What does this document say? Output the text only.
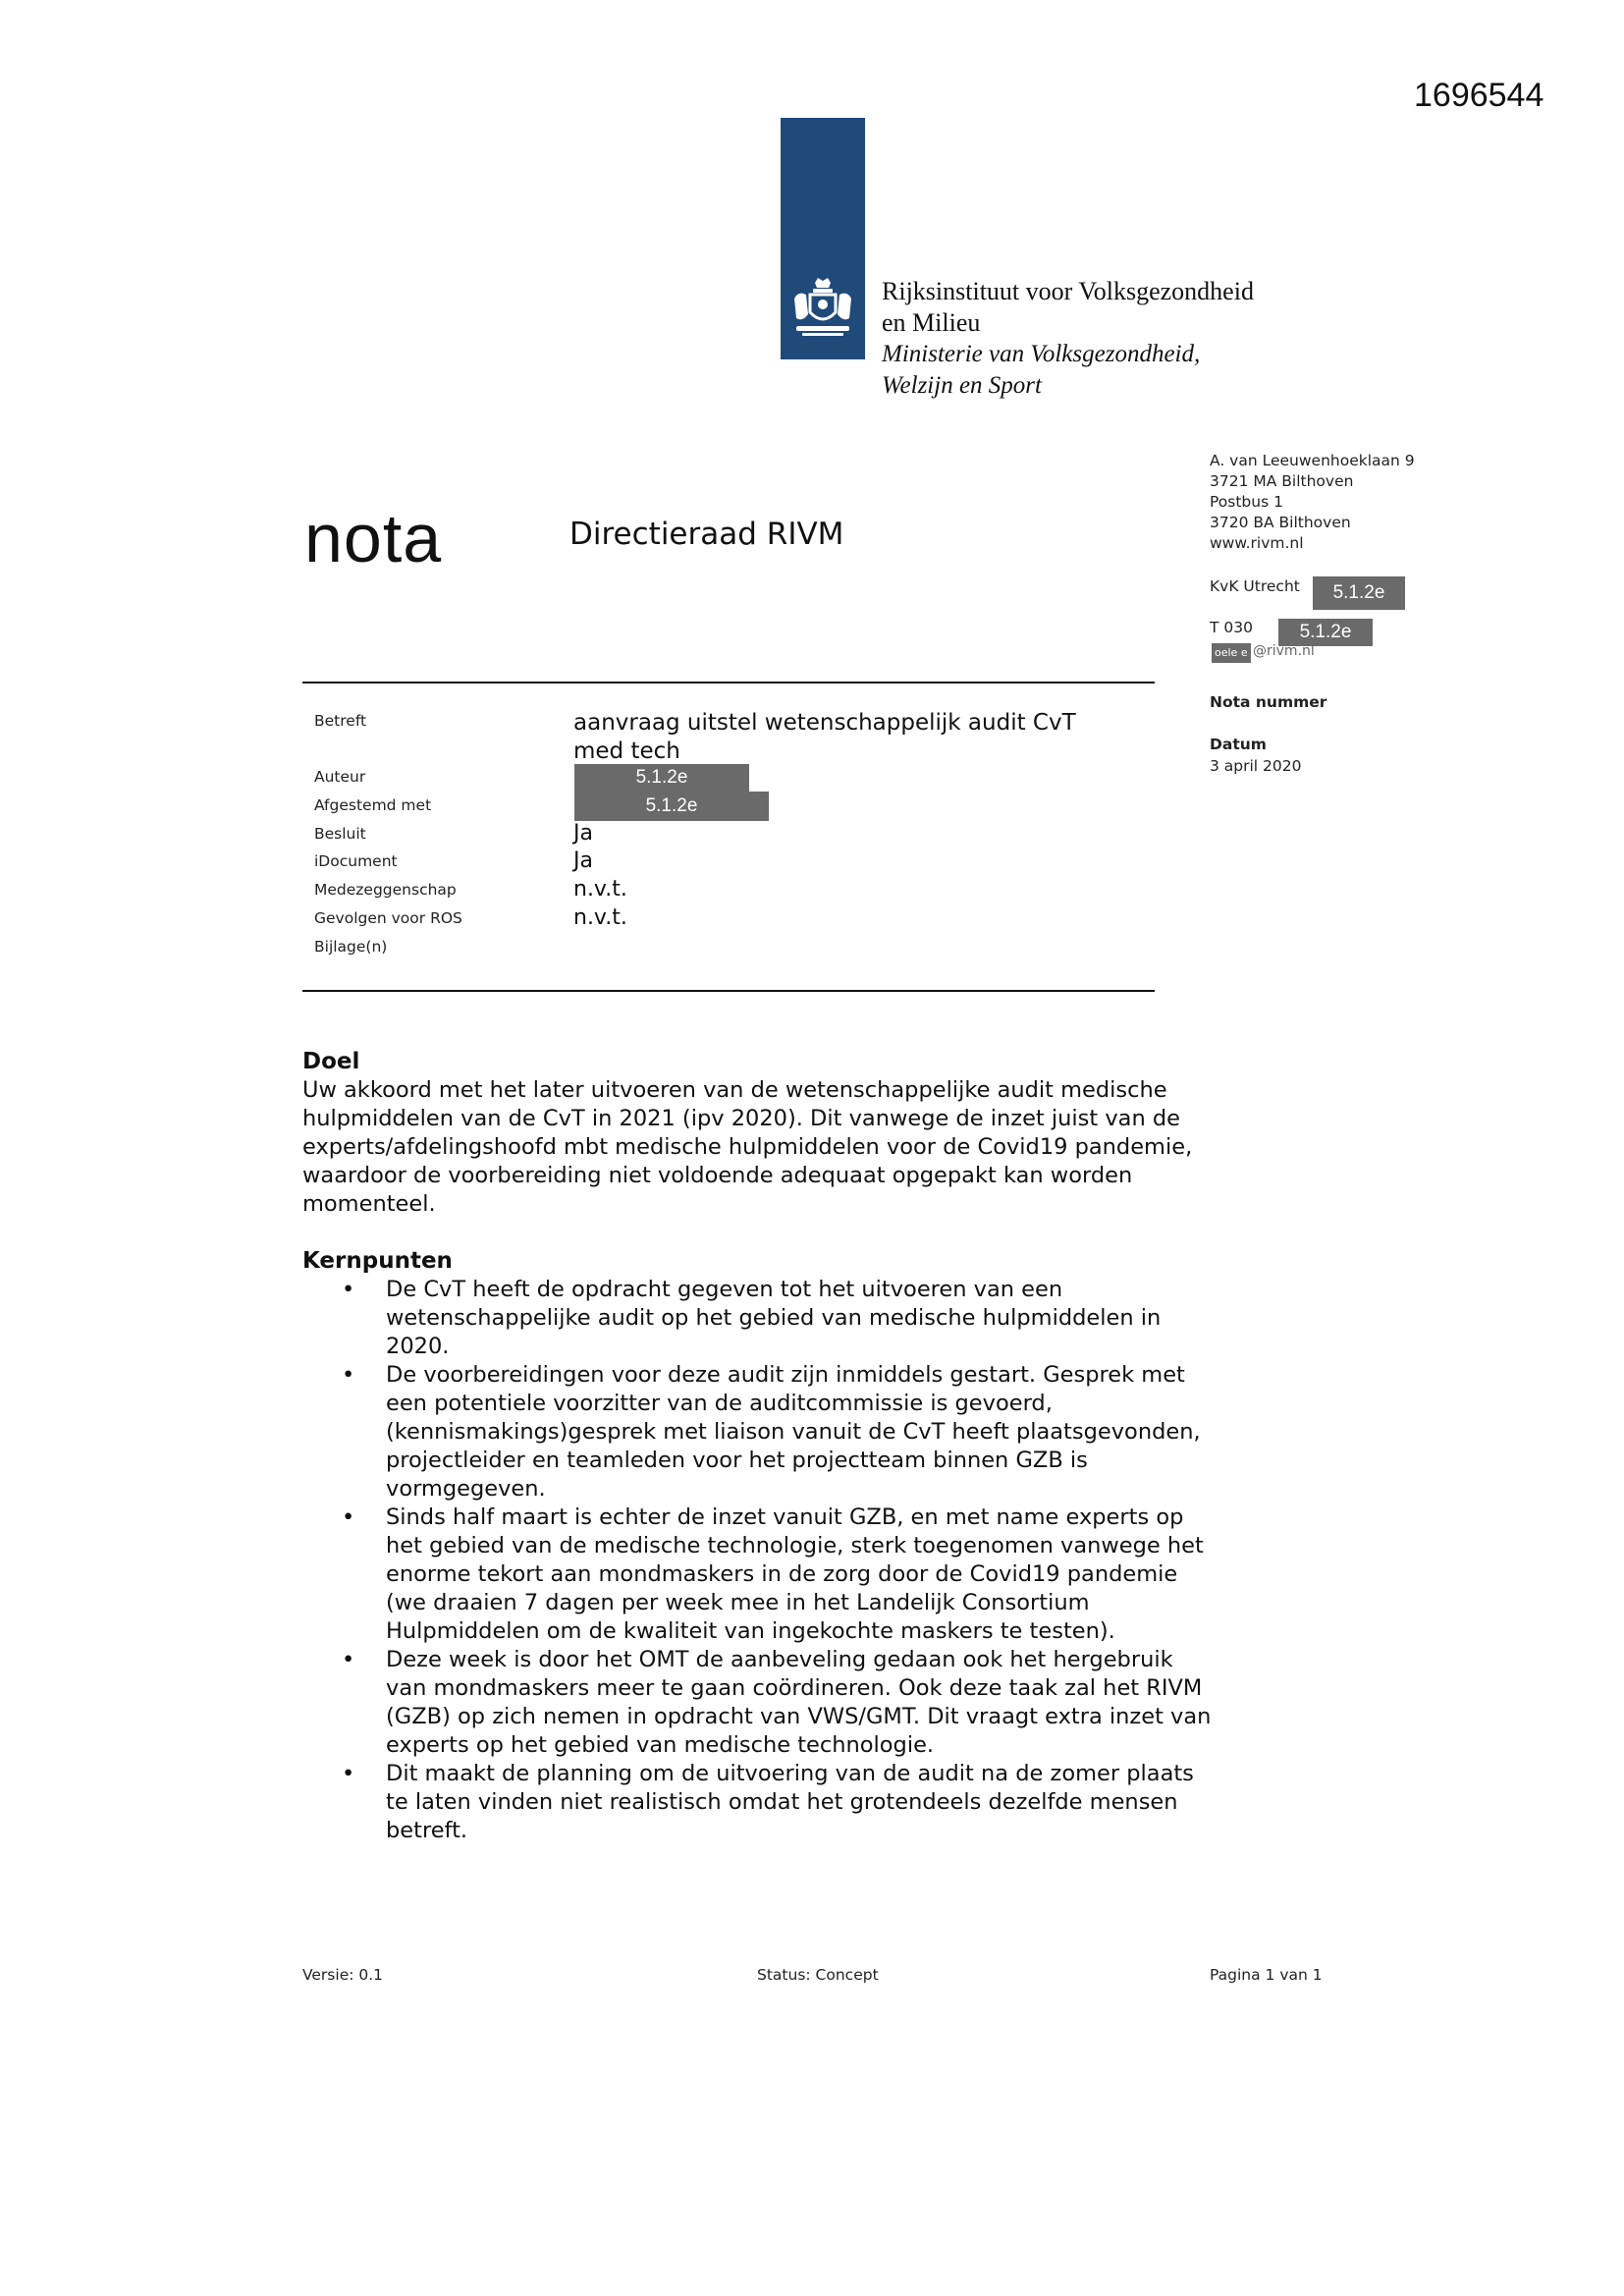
1696544
Rijksinstituut voor Volksgezondheid
en Milieu
Ministerie van Volksgezondheid,
Welzijn en Sport
nota	Directieraad RIVM
A. van Leeuwenhoeklaan 9
3721 MA Bilthoven
Postbus 1
3720 BA Bilthoven
www.rivm.nl
KvK Utrecht	5.1.2e
T 030	5.1.2e
oele e @rivm.nl
Nota nummer
Datum
3 april 2020
Betreft	aanvraag uitstel wetenschappelijk audit CvT med tech
Auteur	5.1.2e
Afgestemd met	5.1.2e
Besluit	Ja
iDocument	Ja
Medezeggenschap	n.v.t.
Gevolgen voor ROS	n.v.t.
Bijlage(n)
Doel
Uw akkoord met het later uitvoeren van de wetenschappelijke audit medische hulpmiddelen van de CvT in 2021 (ipv 2020). Dit vanwege de inzet juist van de experts/afdelingshoofd mbt medische hulpmiddelen voor de Covid19 pandemie, waardoor de voorbereiding niet voldoende adequaat opgepakt kan worden momenteel.
Kernpunten
• De CvT heeft de opdracht gegeven tot het uitvoeren van een wetenschappelijke audit op het gebied van medische hulpmiddelen in 2020.
• De voorbereidingen voor deze audit zijn inmiddels gestart. Gesprek met een potentiele voorzitter van de auditcommissie is gevoerd, (kennismakings)gesprek met liaison vanuit de CvT heeft plaatsgevonden, projectleider en teamleden voor het projectteam binnen GZB is vormgegeven.
• Sinds half maart is echter de inzet vanuit GZB, en met name experts op het gebied van de medische technologie, sterk toegenomen vanwege het enorme tekort aan mondmaskers in de zorg door de Covid19 pandemie (we draaien 7 dagen per week mee in het Landelijk Consortium Hulpmiddelen om de kwaliteit van ingekochte maskers te testen).
• Deze week is door het OMT de aanbeveling gedaan ook het hergebruik van mondmaskers meer te gaan coördineren. Ook deze taak zal het RIVM (GZB) op zich nemen in opdracht van VWS/GMT. Dit vraagt extra inzet van experts op het gebied van medische technologie.
• Dit maakt de planning om de uitvoering van de audit na de zomer plaats te laten vinden niet realistisch omdat het grotendeels dezelfde mensen betreft.
Versie: 0.1	Status: Concept	Pagina 1 van 1
